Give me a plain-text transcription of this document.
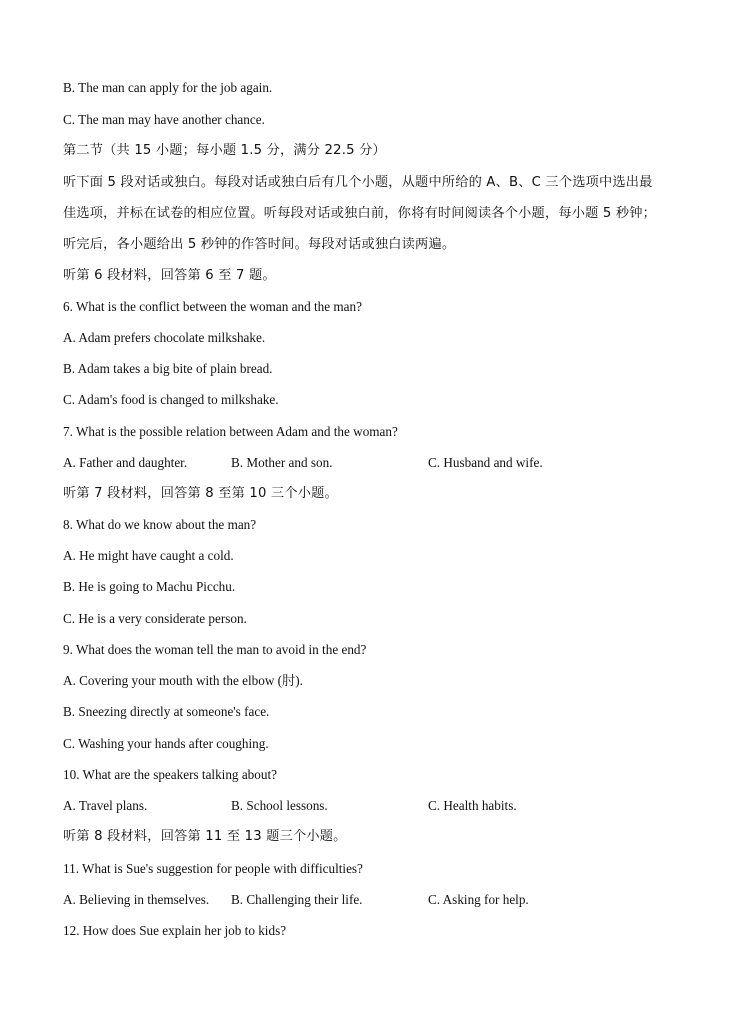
B. The man can apply for the job again.
C. The man may have another chance.
第二节（共 15 小题；每小题 1.5 分，满分 22.5 分）
听下面 5 段对话或独白。每段对话或独白后有几个小题，从题中所给的 A、B、C 三个选项中选出最
佳选项，并标在试卷的相应位置。听每段对话或独白前，你将有时间阅读各个小题，每小题 5 秒钟；
听完后，各小题给出 5 秒钟的作答时间。每段对话或独白读两遍。
听第 6 段材料，回答第 6 至 7 题。
6. What is the conflict between the woman and the man?
A. Adam prefers chocolate milkshake.
B. Adam takes a big bite of plain bread.
C. Adam's food is changed to milkshake.
7. What is the possible relation between Adam and the woman?
A. Father and daughter.	B. Mother and son.	C. Husband and wife.
听第 7 段材料，回答第 8 至第 10 三个小题。
8. What do we know about the man?
A. He might have caught a cold.
B. He is going to Machu Picchu.
C. He is a very considerate person.
9. What does the woman tell the man to avoid in the end?
A. Covering your mouth with the elbow (肘).
B. Sneezing directly at someone's face.
C. Washing your hands after coughing.
10. What are the speakers talking about?
A. Travel plans.	B. School lessons.	C. Health habits.
听第 8 段材料，回答第 11 至 13 题三个小题。
11. What is Sue's suggestion for people with difficulties?
A. Believing in themselves. B. Challenging their life.	C. Asking for help.
12. How does Sue explain her job to kids?
